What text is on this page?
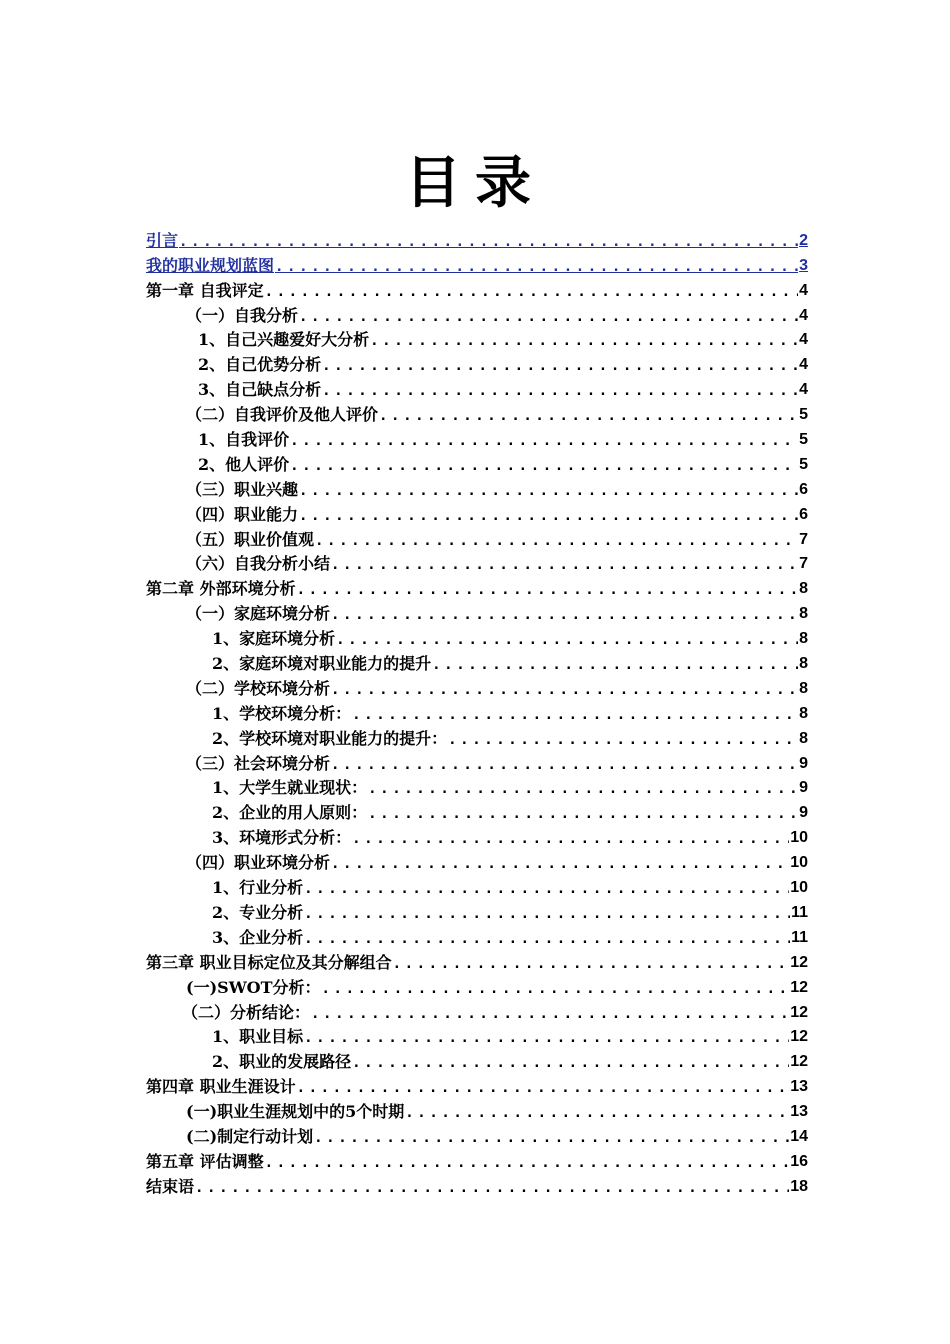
目录
引言 .....	2
我的职业规划蓝图 .....	3
第一章 自我评定 .....	4
（一）自我分析 .....	4
1、自己兴趣爱好大分析 .....	4
2、自己优势分析 .....	4
3、自己缺点分析 .....	4
（二）自我评价及他人评价 .....	5
1、自我评价 .....	5
2、他人评价 .....	5
（三）职业兴趣 .....	6
（四）职业能力 .....	6
（五）职业价值观 .....	7
（六）自我分析小结 .....	7
第二章 外部环境分析 .....	8
（一）家庭环境分析 .....	8
1、家庭环境分析 .....	8
2、家庭环境对职业能力的提升 .....	8
（二）学校环境分析 .....	8
1、学校环境分析： .....	8
2、学校环境对职业能力的提升： .....	8
（三）社会环境分析 .....	9
1、大学生就业现状： .....	9
2、企业的用人原则： .....	9
3、环境形式分析： .....	10
（四）职业环境分析 .....	10
1、行业分析 .....	10
2、专业分析 .....	11
3、企业分析 .....	11
第三章 职业目标定位及其分解组合 .....	12
(一)SWOT分析： .....	12
（二）分析结论： .....	12
1、职业目标 .....	12
2、职业的发展路径 .....	12
第四章 职业生涯设计 .....	13
(一)职业生涯规划中的5个时期 .....	13
(二)制定行动计划 .....	14
第五章 评估调整 .....	16
结束语 .....	18
